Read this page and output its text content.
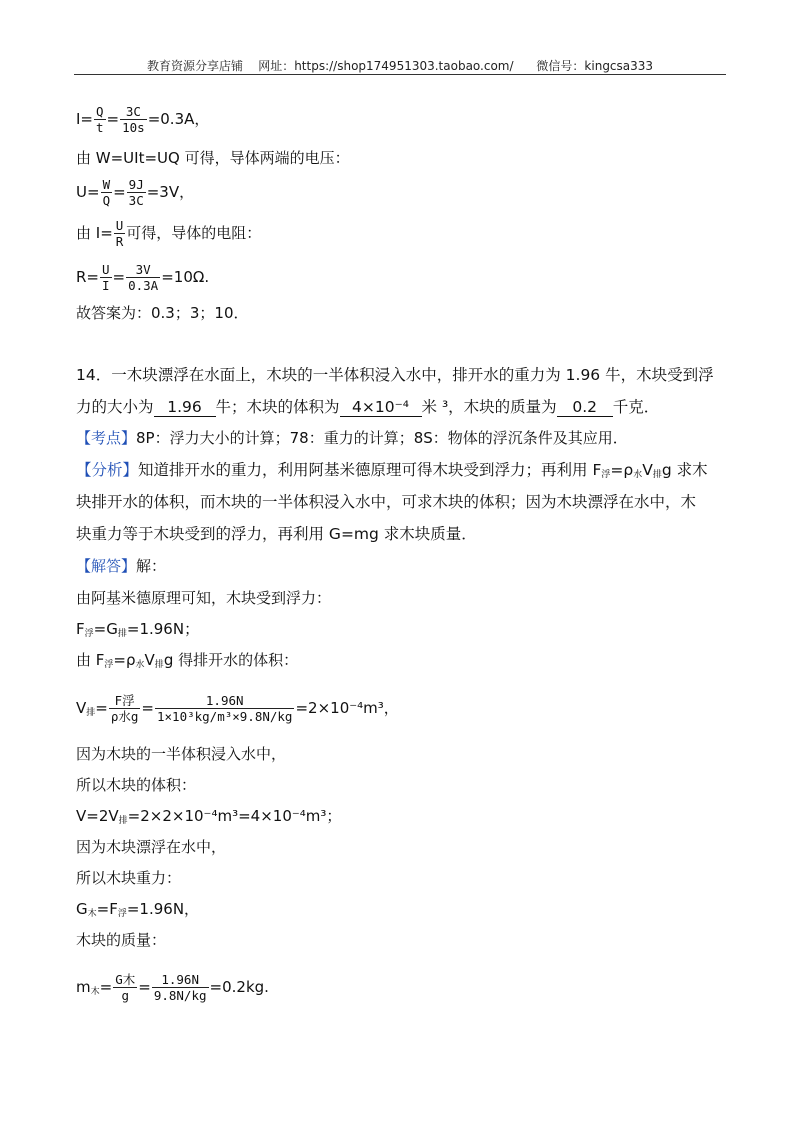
教育资源分享店铺    网址：https://shop174951303.taobao.com/      微信号：kingcsa333
$I= \frac{Q}{t} = \frac{3C}{10s} =0.3A$，
由 W=UIt=UQ 可得，导体两端的电压：
$U= \frac{W}{Q} = \frac{9J}{3C} =3V$，
由 $I= \frac{U}{R}$ 可得，导体的电阻：
$R= \frac{U}{I} = \frac{3V}{0.3A} =10\Omega$.
故答案为：0.3；3；10．
14．一木块漂浮在水面上，木块的一半体积浸入水中，排开水的重力为 1.96 牛，木块受到浮
力的大小为 1.96 牛；木块的体积为 4×10⁻⁴ 米 ³，木块的质量为 0.2 千克．
【考点】8P：浮力大小的计算；78：重力的计算；8S：物体的浮沉条件及其应用．
【分析】知道排开水的重力，利用阿基米德原理可得木块受到浮力；再利用 $F_浮=\rho_水V_排g$ 求木
块排开水的体积，而木块的一半体积浸入水中，可求木块的体积；因为木块漂浮在水中，木
块重力等于木块受到的浮力，再利用 G=mg 求木块质量．
【解答】解：
由阿基米德原理可知，木块受到浮力：
$F_浮=G_排=1.96N$；
由 $F_浮=\rho_水V_排g$ 得排开水的体积：
$V_排= \frac{\text{F浮}}{\text{ρ水g}} = \frac{1.96N}{\text{1×10³kg/m³×9.8N/kg}} =2\times 10^{-4}m^3$，
因为木块的一半体积浸入水中，
所以木块的体积：
$V=2V_排=2\times 2\times 10^{-4}m^3=4\times 10^{-4}m^3$；
因为木块漂浮在水中，
所以木块重力：
$G_木=F_浮=1.96N$，
木块的质量：
$m_木= \frac{\text{G木}}{g} = \frac{1.96N}{9.8N/kg} =0.2kg$.
